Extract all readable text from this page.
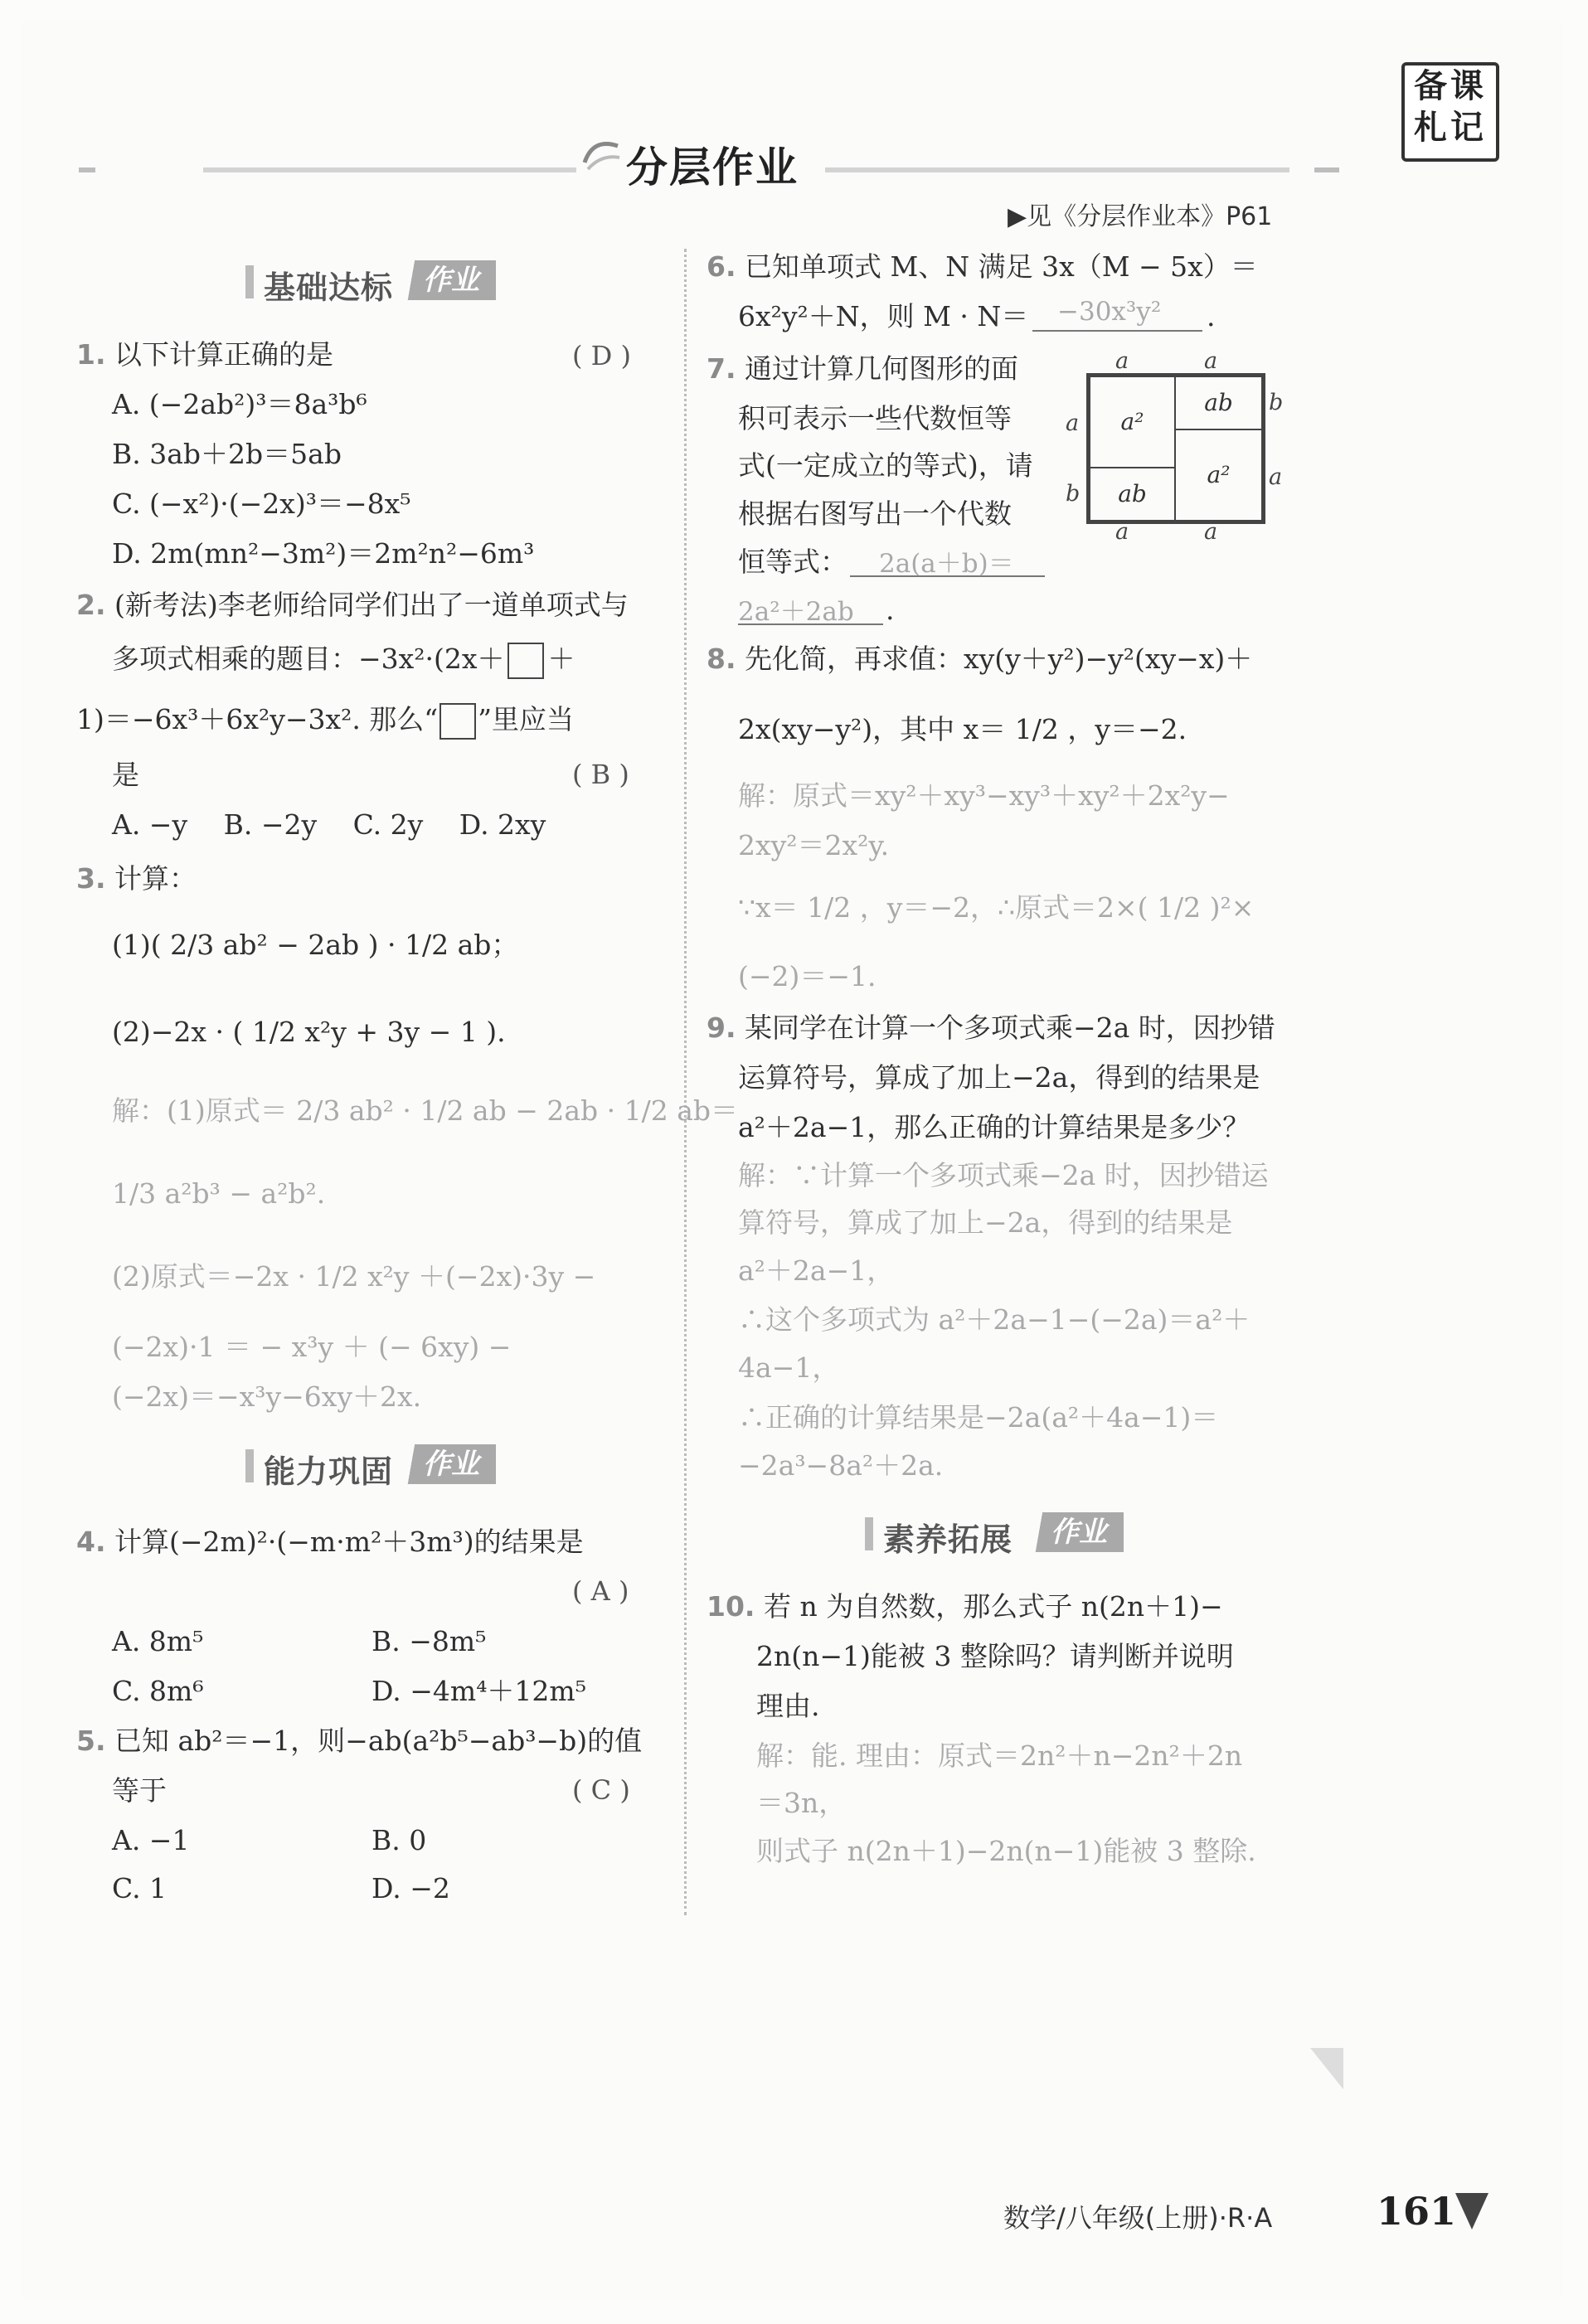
分层作业
备课
札记
▶见《分层作业本》P61
基础达标	作业
1. 以下计算正确的是	( D )
A. (−2ab²)³＝8a³b⁶
B. 3ab＋2b＝5ab
C. (−x²)·(−2x)³＝−8x⁵
D. 2m(mn²−3m²)＝2m²n²−6m³
2. (新考法)李老师给同学们出了一道单项式与
多项式相乘的题目：−3x²·(2x＋ ＋
1)＝−6x³＋6x²y−3x². 那么“ ”里应当
是	( B )
A. −y　 B. −2y　 C. 2y　 D. 2xy
3. 计算：
(1)( 2/3 ab² − 2ab ) · 1/2 ab；
(2)−2x · ( 1/2 x²y + 3y − 1 ).
解：(1)原式＝ 2/3 ab² · 1/2 ab − 2ab · 1/2 ab＝
1/3 a²b³ − a²b².
(2)原式＝−2x · 1/2 x²y ＋(−2x)·3y −
(−2x)·1 ＝ − x³y ＋ (− 6xy) −
(−2x)＝−x³y−6xy＋2x.
能力巩固	作业
4. 计算(−2m)²·(−m·m²＋3m³)的结果是
( A )
A. 8m⁵	B. −8m⁵
C. 8m⁶	D. −4m⁴＋12m⁵
5. 已知 ab²＝−1，则−ab(a²b⁵−ab³−b)的值
等于	( C )
A. −1	B. 0
C. 1	D. −2
6. 已知单项式 M、N 满足 3x（M − 5x）＝
6x²y²＋N，则 M · N＝	−30x³y²	.
7. 通过计算几何图形的面
积可表示一些代数恒等
式(一定成立的等式)，请
根据右图写出一个代数
恒等式：	2a(a＋b)＝
2a²＋2ab	.
a	a
a²
ab
ab
a²
a
b
b
a
a	a
8. 先化简，再求值：xy(y＋y²)−y²(xy−x)＋
2x(xy−y²)，其中 x＝ 1/2 ，y＝−2.
解：原式＝xy²＋xy³−xy³＋xy²＋2x²y−
2xy²＝2x²y.
∵x＝ 1/2 ，y＝−2，∴原式＝2×( 1/2 )²×
(−2)＝−1.
9. 某同学在计算一个多项式乘−2a 时，因抄错
运算符号，算成了加上−2a，得到的结果是
a²＋2a−1，那么正确的计算结果是多少？
解：∵计算一个多项式乘−2a 时，因抄错运
算符号，算成了加上−2a，得到的结果是
a²＋2a−1，
∴这个多项式为 a²＋2a−1−(−2a)＝a²＋
4a−1，
∴正确的计算结果是−2a(a²＋4a−1)＝
−2a³−8a²＋2a.
素养拓展	作业
10. 若 n 为自然数，那么式子 n(2n＋1)−
2n(n−1)能被 3 整除吗？请判断并说明
理由.
解：能. 理由：原式＝2n²＋n−2n²＋2n
＝3n，
则式子 n(2n＋1)−2n(n−1)能被 3 整除.
数学/八年级(上册)·R·A	161
